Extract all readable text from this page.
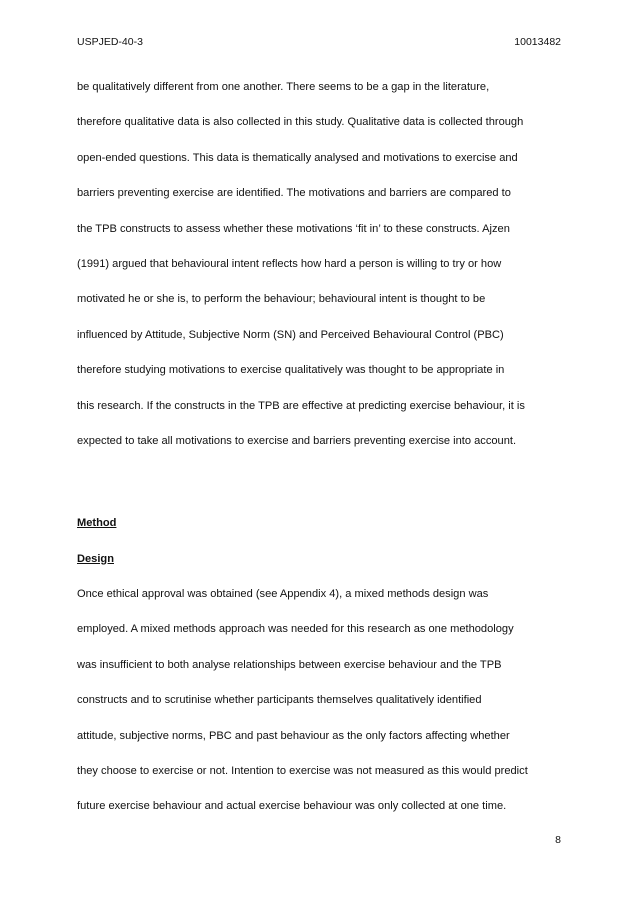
USPJED-40-3	10013482
be qualitatively different from one another. There seems to be a gap in the literature,
therefore qualitative data is also collected in this study. Qualitative data is collected through
open-ended questions. This data is thematically analysed and motivations to exercise and
barriers preventing exercise are identified. The motivations and barriers are compared to
the TPB constructs to assess whether these motivations ‘fit in’ to these constructs. Ajzen
(1991) argued that behavioural intent reflects how hard a person is willing to try or how
motivated he or she is, to perform the behaviour; behavioural intent is thought to be
influenced by Attitude, Subjective Norm (SN) and Perceived Behavioural Control (PBC)
therefore studying motivations to exercise qualitatively was thought to be appropriate in
this research. If the constructs in the TPB are effective at predicting exercise behaviour, it is
expected to take all motivations to exercise and barriers preventing exercise into account.
Method
Design
Once ethical approval was obtained (see Appendix 4), a mixed methods design was
employed. A mixed methods approach was needed for this research as one methodology
was insufficient to both analyse relationships between exercise behaviour and the TPB
constructs and to scrutinise whether participants themselves qualitatively identified
attitude, subjective norms, PBC and past behaviour as the only factors affecting whether
they choose to exercise or not. Intention to exercise was not measured as this would predict
future exercise behaviour and actual exercise behaviour was only collected at one time.
8
